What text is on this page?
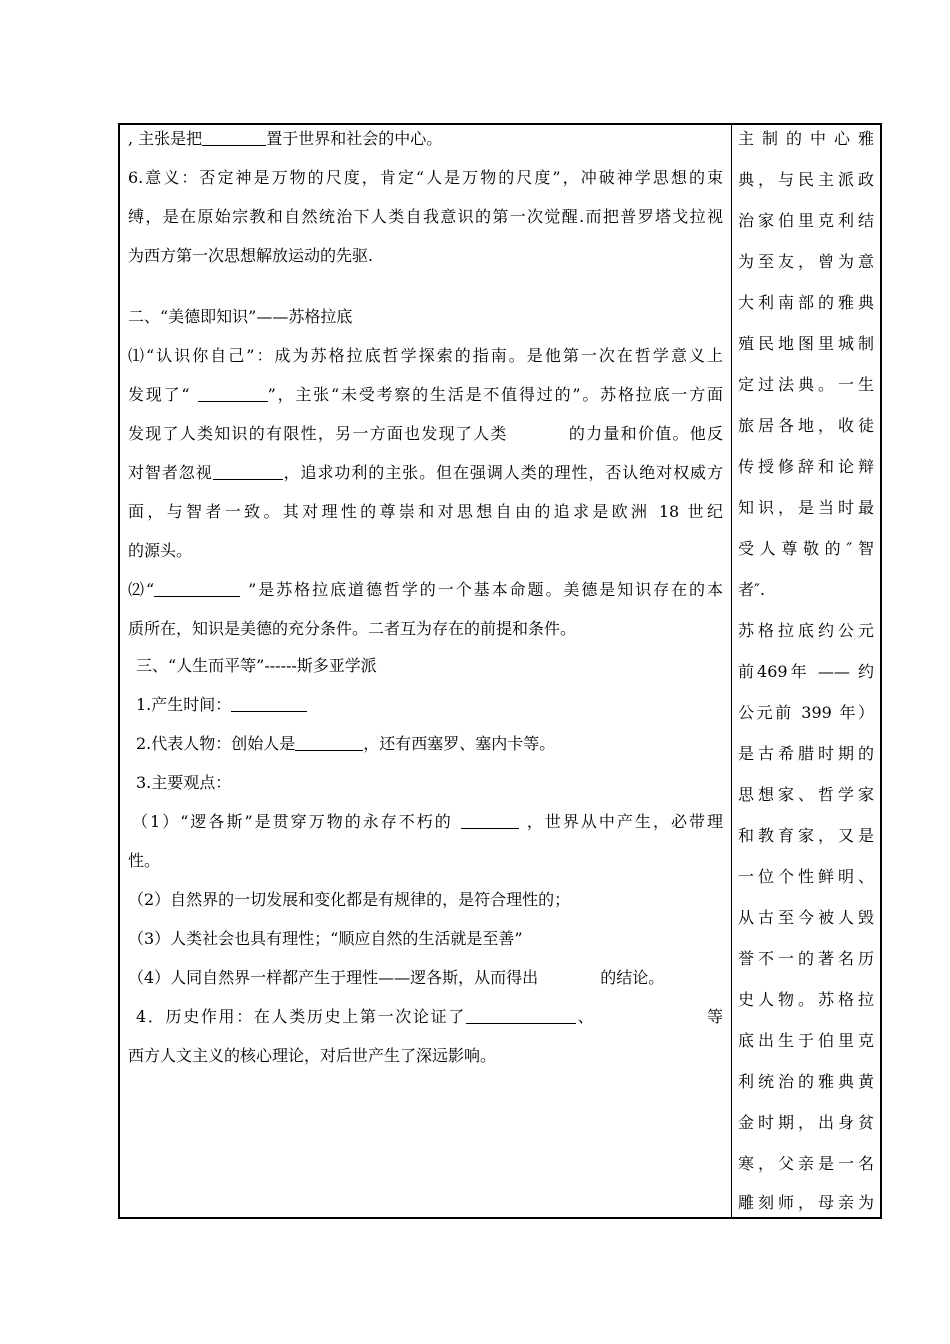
, 主张是把	置于世界和社会的中心。
6.意义：否定神是万物的尺度，肯定“人是万物的尺度”，冲破神学思想的束
缚，是在原始宗教和自然统治下人类自我意识的第一次觉醒.而把普罗塔戈拉视
为西方第一次思想解放运动的先驱.
二、“美德即知识”——苏格拉底
⑴“认识你自己”：成为苏格拉底哲学探索的指南。是他第一次在哲学意义上
发现了“	”，主张“未受考察的生活是不值得过的”。苏格拉底一方面
发现了人类知识的有限性，另一方面也发现了人类	的力量和价值。他反
对智者忽视	，追求功利的主张。但在强调人类的理性，否认绝对权威方
面，与智者一致。其对理性的尊崇和对思想自由的追求是欧洲 18 世纪
的源头。
⑵“	”是苏格拉底道德哲学的一个基本命题。美德是知识存在的本
质所在，知识是美德的充分条件。二者互为存在的前提和条件。
三、“人生而平等”------斯多亚学派
1.产生时间：
2.代表人物：创始人是	，还有西塞罗、塞内卡等。
3.主要观点：
（1）“逻各斯”是贯穿万物的永存不朽的	，世界从中产生，必带理
性。
（2）自然界的一切发展和变化都是有规律的，是符合理性的；
（3）人类社会也具有理性；“顺应自然的生活就是至善”
（4）人同自然界一样都产生于理性——逻各斯，从而得出	的结论。
4．历史作用：在人类历史上第一次论证了	、	等
西方人文主义的核心理论，对后世产生了深远影响。
主制的中心雅
典，与民主派政
治家伯里克利结
为至友，曾为意
大利南部的雅典
殖民地图里城制
定过法典。一生
旅居各地，收徒
传授修辞和论辩
知识，是当时最
受人尊敬的″智
者″.
苏格拉底约公元
前469年 —— 约
公元前 399 年）
是古希腊时期的
思想家、哲学家
和教育家，又是
一位个性鲜明、
从古至今被人毁
誉不一的著名历
史人物。苏格拉
底出生于伯里克
利统治的雅典黄
金时期，出身贫
寒，父亲是一名
雕刻师，母亲为
